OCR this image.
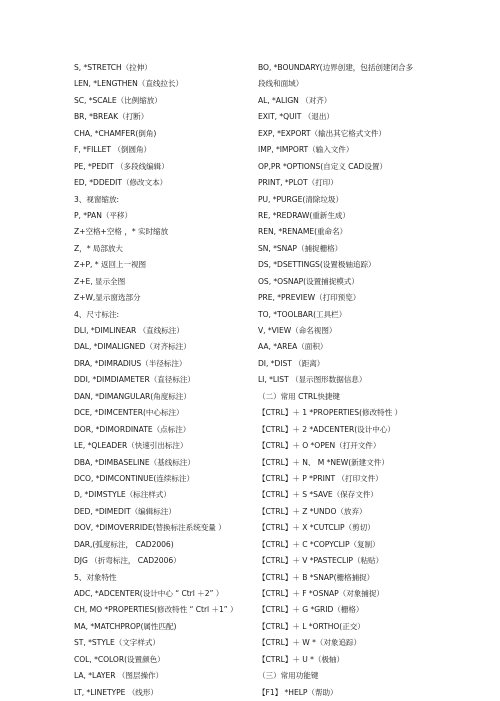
S, *STRETCH（拉伸）
LEN, *LENGTHEN（直线拉长）
SC, *SCALE（比例缩放）
BR, *BREAK（打断）
CHA, *CHAMFER(倒角)
F, *FILLET （倒圆角）
PE, *PEDIT （多段线编辑）
ED, *DDEDIT（修改文本）
3、视窗缩放:
P, *PAN（平移）
Z+空格+空格 ，* 实时缩放
Z，* 局部放大
Z+P, * 返回上一视图
Z+E, 显示全图
Z+W,显示窗选部分
4、尺寸标注:
DLI, *DIMLINEAR （直线标注）
DAL, *DIMALIGNED（对齐标注）
DRA, *DIMRADIUS（半径标注）
DDI, *DIMDIAMETER（直径标注）
DAN, *DIMANGULAR(角度标注）
DCE, *DIMCENTER(中心标注）
DOR, *DIMORDINATE（点标注）
LE, *QLEADER（快速引出标注）
DBA, *DIMBASELINE（基线标注）
DCO, *DIMCONTINUE(连续标注）
D, *DIMSTYLE（标注样式）
DED, *DIMEDIT（编辑标注）
DOV, *DIMOVERRIDE(替换标注系统变量 ）
DAR,(弧度标注， CAD2006)
DJG （折弯标注， CAD2006）
5、对象特性
ADC, *ADCENTER(设计中心 “ Ctrl ＋2” ）
CH, MO *PROPERTIES(修改特性 “ Ctrl ＋1” ）
MA, *MATCHPROP(属性匹配)
ST, *STYLE（文字样式）
COL, *COLOR(设置颜色）
LA, *LAYER （图层操作）
LT, *LINETYPE （线形）
BO, *BOUNDARY(边界创建，包括创建闭合多
段线和面域）
AL, *ALIGN （对齐）
EXIT, *QUIT （退出）
EXP, *EXPORT（输出其它格式文件）
IMP, *IMPORT（输入文件）
OP,PR *OPTIONS(自定义 CAD设置）
PRINT, *PLOT（打印）
PU, *PURGE(清除垃圾）
RE, *REDRAW(重新生成）
REN, *RENAME(重命名）
SN, *SNAP（捕捉栅格）
DS, *DSETTINGS(设置极轴追踪）
OS, *OSNAP(设置捕捉模式）
PRE, *PREVIEW（打印预览）
TO, *TOOLBAR(工具栏）
V, *VIEW（命名视图）
AA, *AREA（面积）
DI, *DIST （距离）
LI, *LIST （显示图形数据信息）
（二）常用 CTRL快捷键
【CTRL】＋ 1 *PROPERTIES(修改特性 ）
【CTRL】＋ 2 *ADCENTER(设计中心）
【CTRL】＋ O *OPEN（打开文件）
【CTRL】＋ N、 M *NEW(新建文件）
【CTRL】＋ P *PRINT （打印文件）
【CTRL】＋ S *SAVE（保存文件）
【CTRL】＋ Z *UNDO（放弃）
【CTRL】＋ X *CUTCLIP（剪切）
【CTRL】＋ C *COPYCLIP（复制）
【CTRL】＋ V *PASTECLIP（粘贴）
【CTRL】＋ B *SNAP(栅格捕捉）
【CTRL】＋ F *OSNAP（对象捕捉）
【CTRL】＋ G *GRID（栅格）
【CTRL】＋ L *ORTHO(正交）
【CTRL】＋ W *（对象追踪）
【CTRL】＋ U *（极轴）
（三）常用功能键
【F1】 *HELP（帮助）
